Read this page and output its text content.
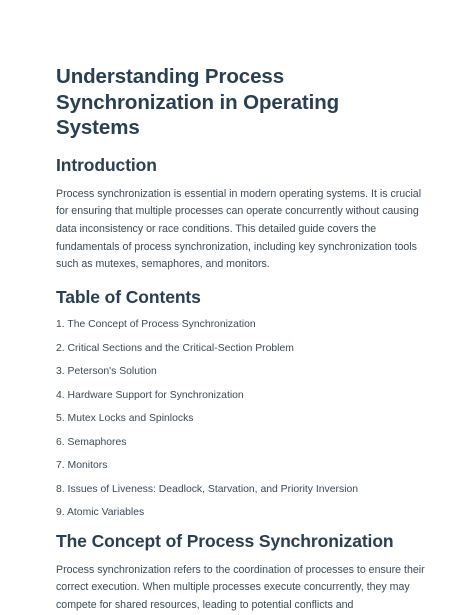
Understanding Process Synchronization in Operating Systems
Introduction

Process synchronization is essential in modern operating systems. It is crucial for ensuring that multiple processes can operate concurrently without causing data inconsistency or race conditions. This detailed guide covers the fundamentals of process synchronization, including key synchronization tools such as mutexes, semaphores, and monitors.

Table of Contents
1. The Concept of Process Synchronization
2. Critical Sections and the Critical-Section Problem
3. Peterson's Solution
4. Hardware Support for Synchronization
5. Mutex Locks and Spinlocks
6. Semaphores
7. Monitors
8. Issues of Liveness: Deadlock, Starvation, and Priority Inversion
9. Atomic Variables
The Concept of Process Synchronization

Process synchronization refers to the coordination of processes to ensure their correct execution. When multiple processes execute concurrently, they may compete for shared resources, leading to potential conflicts and
